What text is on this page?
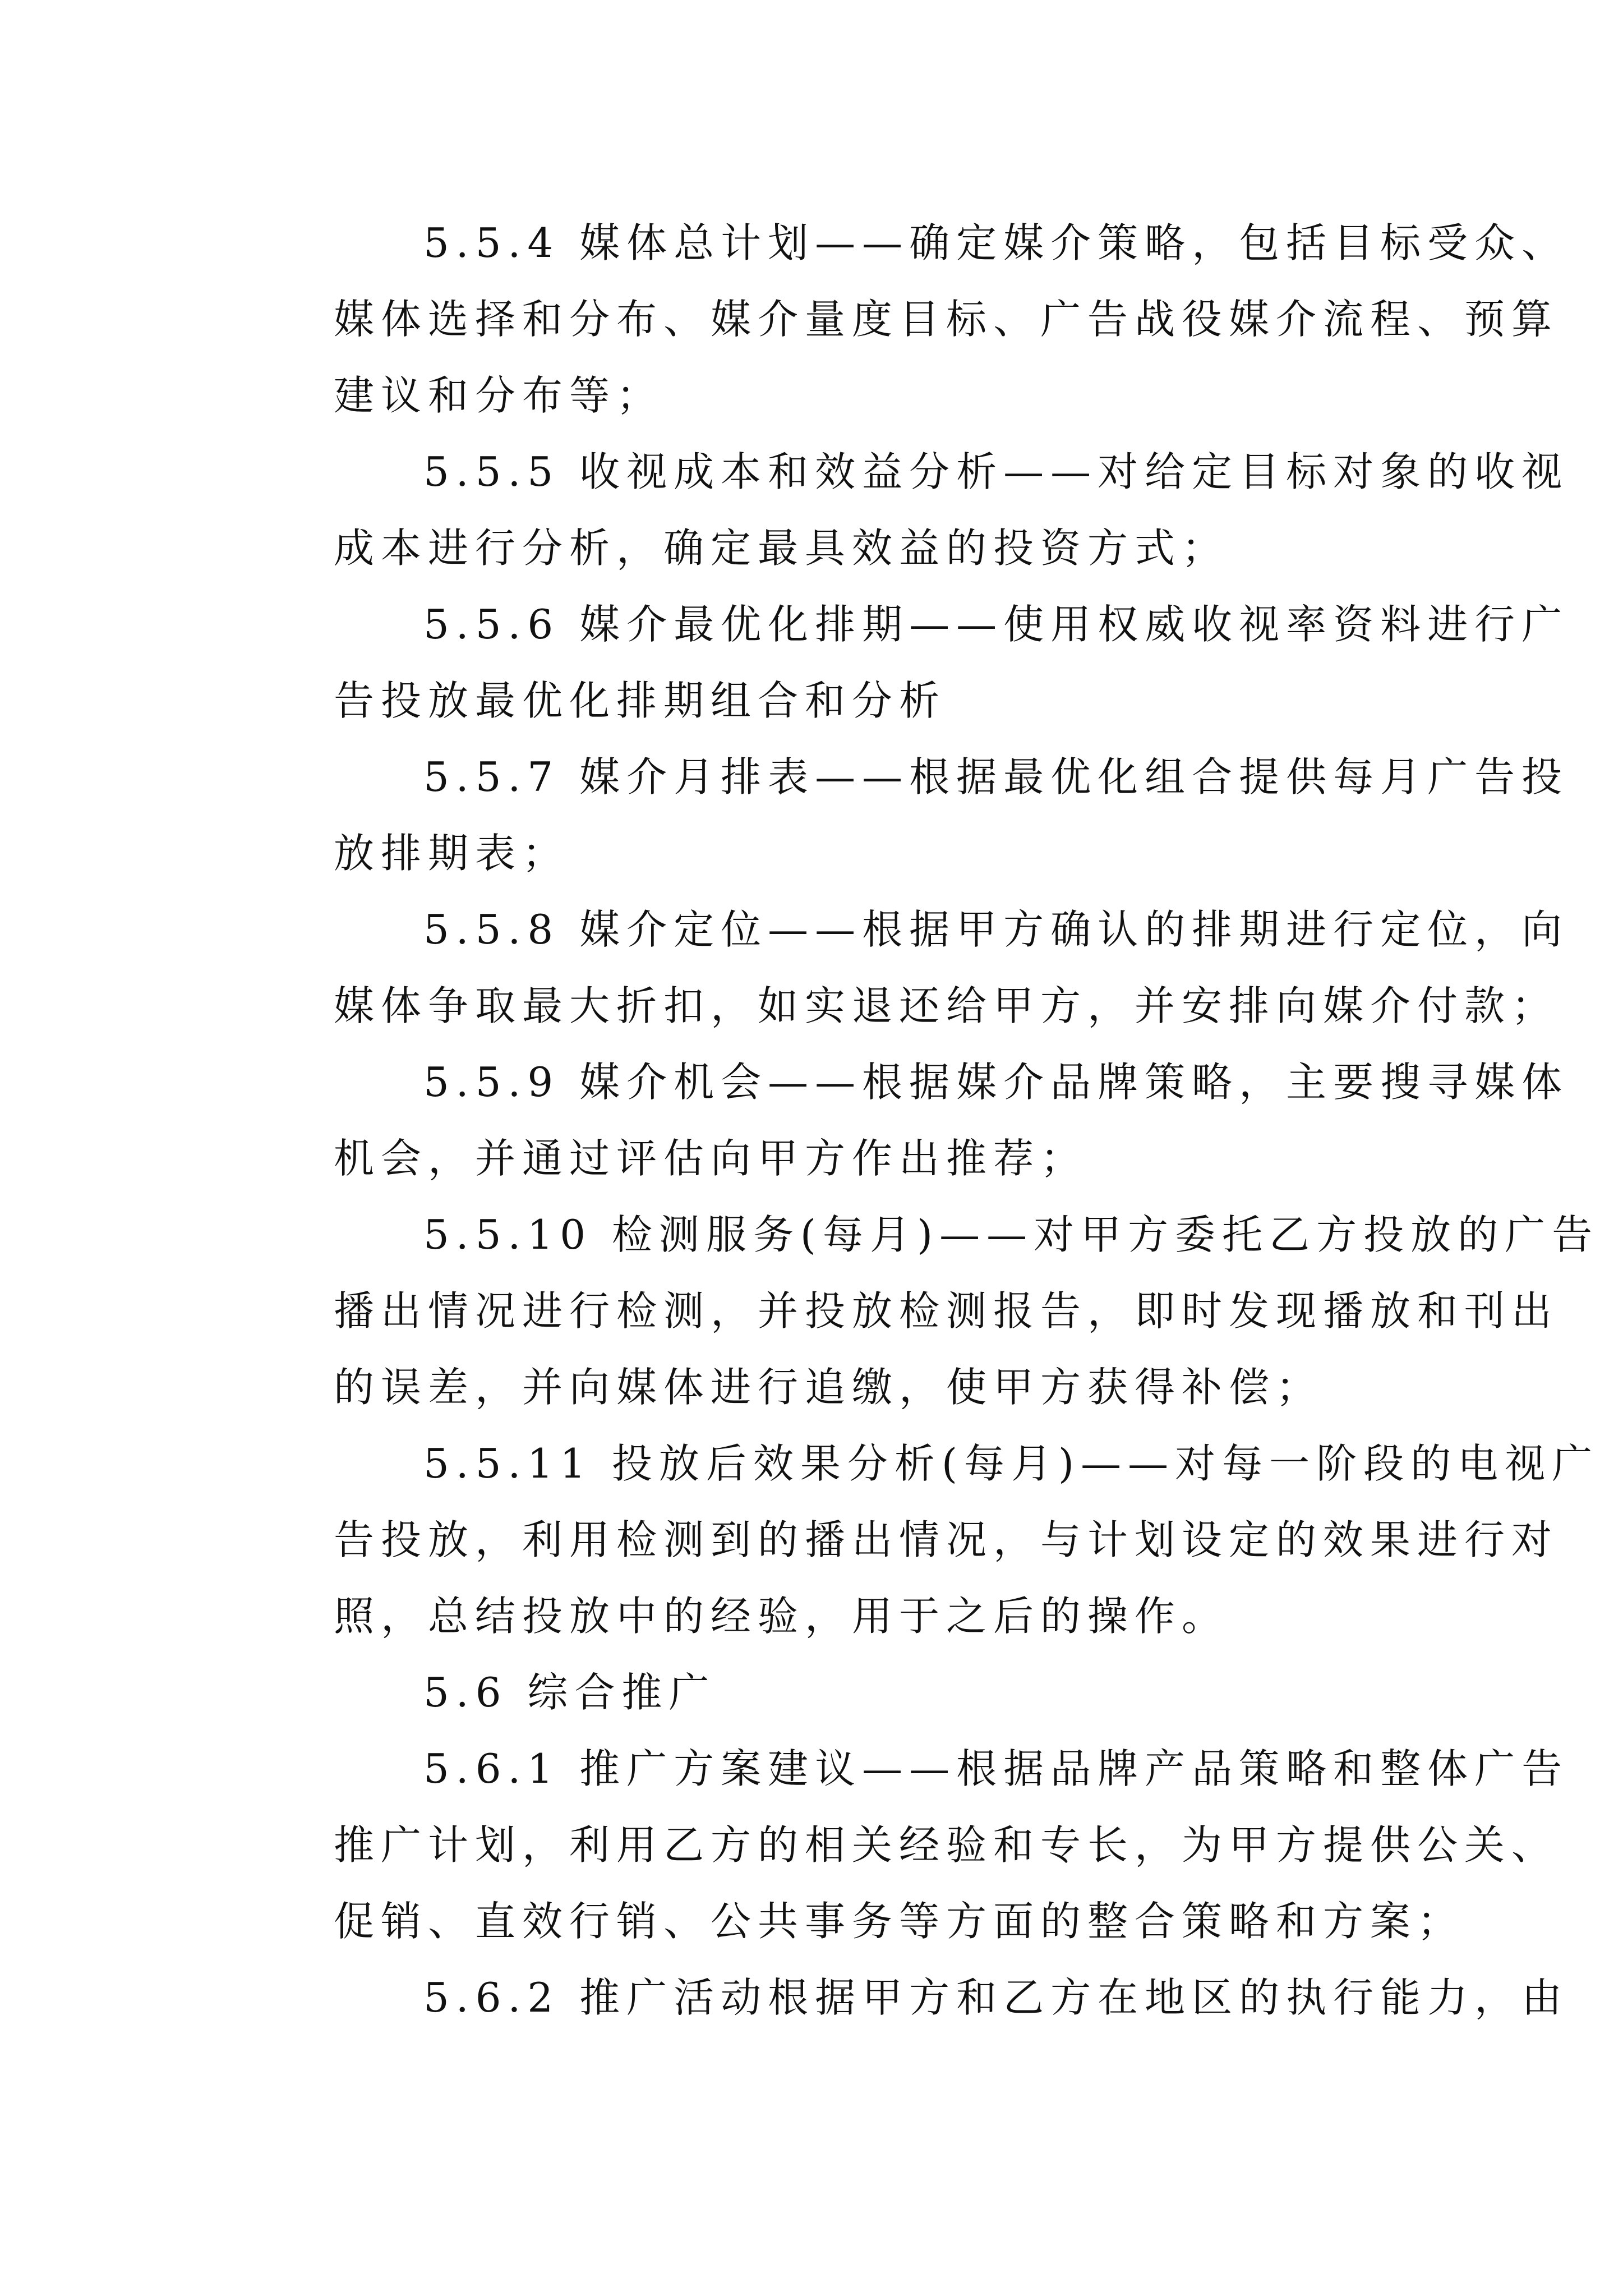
5.5.4 媒体总计划——确定媒介策略，包括目标受众、
媒体选择和分布、媒介量度目标、广告战役媒介流程、预算
建议和分布等；

5.5.5 收视成本和效益分析——对给定目标对象的收视
成本进行分析，确定最具效益的投资方式；

5.5.6 媒介最优化排期——使用权威收视率资料进行广
告投放最优化排期组合和分析

5.5.7 媒介月排表——根据最优化组合提供每月广告投
放排期表；

5.5.8 媒介定位——根据甲方确认的排期进行定位，向
媒体争取最大折扣，如实退还给甲方，并安排向媒介付款；

5.5.9 媒介机会——根据媒介品牌策略，主要搜寻媒体
机会，并通过评估向甲方作出推荐；

5.5.10 检测服务(每月)——对甲方委托乙方投放的广告
播出情况进行检测，并投放检测报告，即时发现播放和刊出
的误差，并向媒体进行追缴，使甲方获得补偿；

5.5.11 投放后效果分析(每月)——对每一阶段的电视广
告投放，利用检测到的播出情况，与计划设定的效果进行对
照，总结投放中的经验，用于之后的操作。

5.6 综合推广

5.6.1 推广方案建议——根据品牌产品策略和整体广告
推广计划，利用乙方的相关经验和专长，为甲方提供公关、
促销、直效行销、公共事务等方面的整合策略和方案；

5.6.2 推广活动根据甲方和乙方在地区的执行能力，由
